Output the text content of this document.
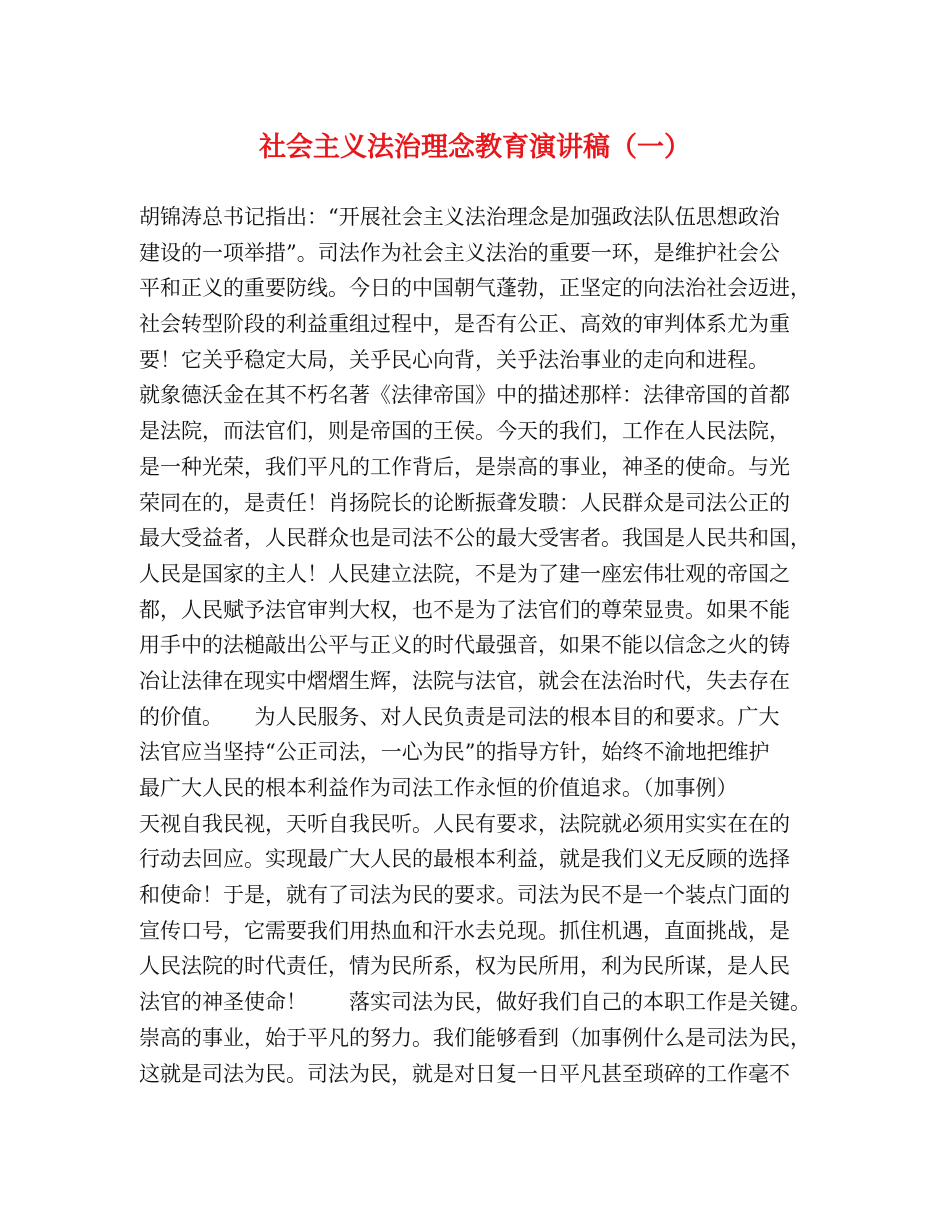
社会主义法治理念教育演讲稿（一）
胡锦涛总书记指出：“开展社会主义法治理念是加强政法队伍思想政治
建设的一项举措”。司法作为社会主义法治的重要一环，是维护社会公
平和正义的重要防线。今日的中国朝气蓬勃，正坚定的向法治社会迈进，
社会转型阶段的利益重组过程中，是否有公正、高效的审判体系尤为重
要！它关乎稳定大局，关乎民心向背，关乎法治事业的走向和进程。
就象德沃金在其不朽名著《法律帝国》中的描述那样：法律帝国的首都
是法院，而法官们，则是帝国的王侯。今天的我们，工作在人民法院，
是一种光荣，我们平凡的工作背后，是崇高的事业，神圣的使命。与光
荣同在的，是责任！肖扬院长的论断振聋发聩：人民群众是司法公正的
最大受益者，人民群众也是司法不公的最大受害者。我国是人民共和国，
人民是国家的主人！人民建立法院，不是为了建一座宏伟壮观的帝国之
都，人民赋予法官审判大权，也不是为了法官们的尊荣显贵。如果不能
用手中的法槌敲出公平与正义的时代最强音，如果不能以信念之火的铸
冶让法律在现实中熠熠生辉，法院与法官，就会在法治时代，失去存在
的价值。　　为人民服务、对人民负责是司法的根本目的和要求。广大
法官应当坚持“公正司法，一心为民”的指导方针，始终不渝地把维护
最广大人民的根本利益作为司法工作永恒的价值追求。（加事例）
天视自我民视，天听自我民听。人民有要求，法院就必须用实实在在的
行动去回应。实现最广大人民的最根本利益，就是我们义无反顾的选择
和使命！于是，就有了司法为民的要求。司法为民不是一个装点门面的
宣传口号，它需要我们用热血和汗水去兑现。抓住机遇，直面挑战，是
人民法院的时代责任，情为民所系，权为民所用，利为民所谋，是人民
法官的神圣使命！　　落实司法为民，做好我们自己的本职工作是关键。
崇高的事业，始于平凡的努力。我们能够看到（加事例什么是司法为民，
这就是司法为民。司法为民，就是对日复一日平凡甚至琐碎的工作毫不
